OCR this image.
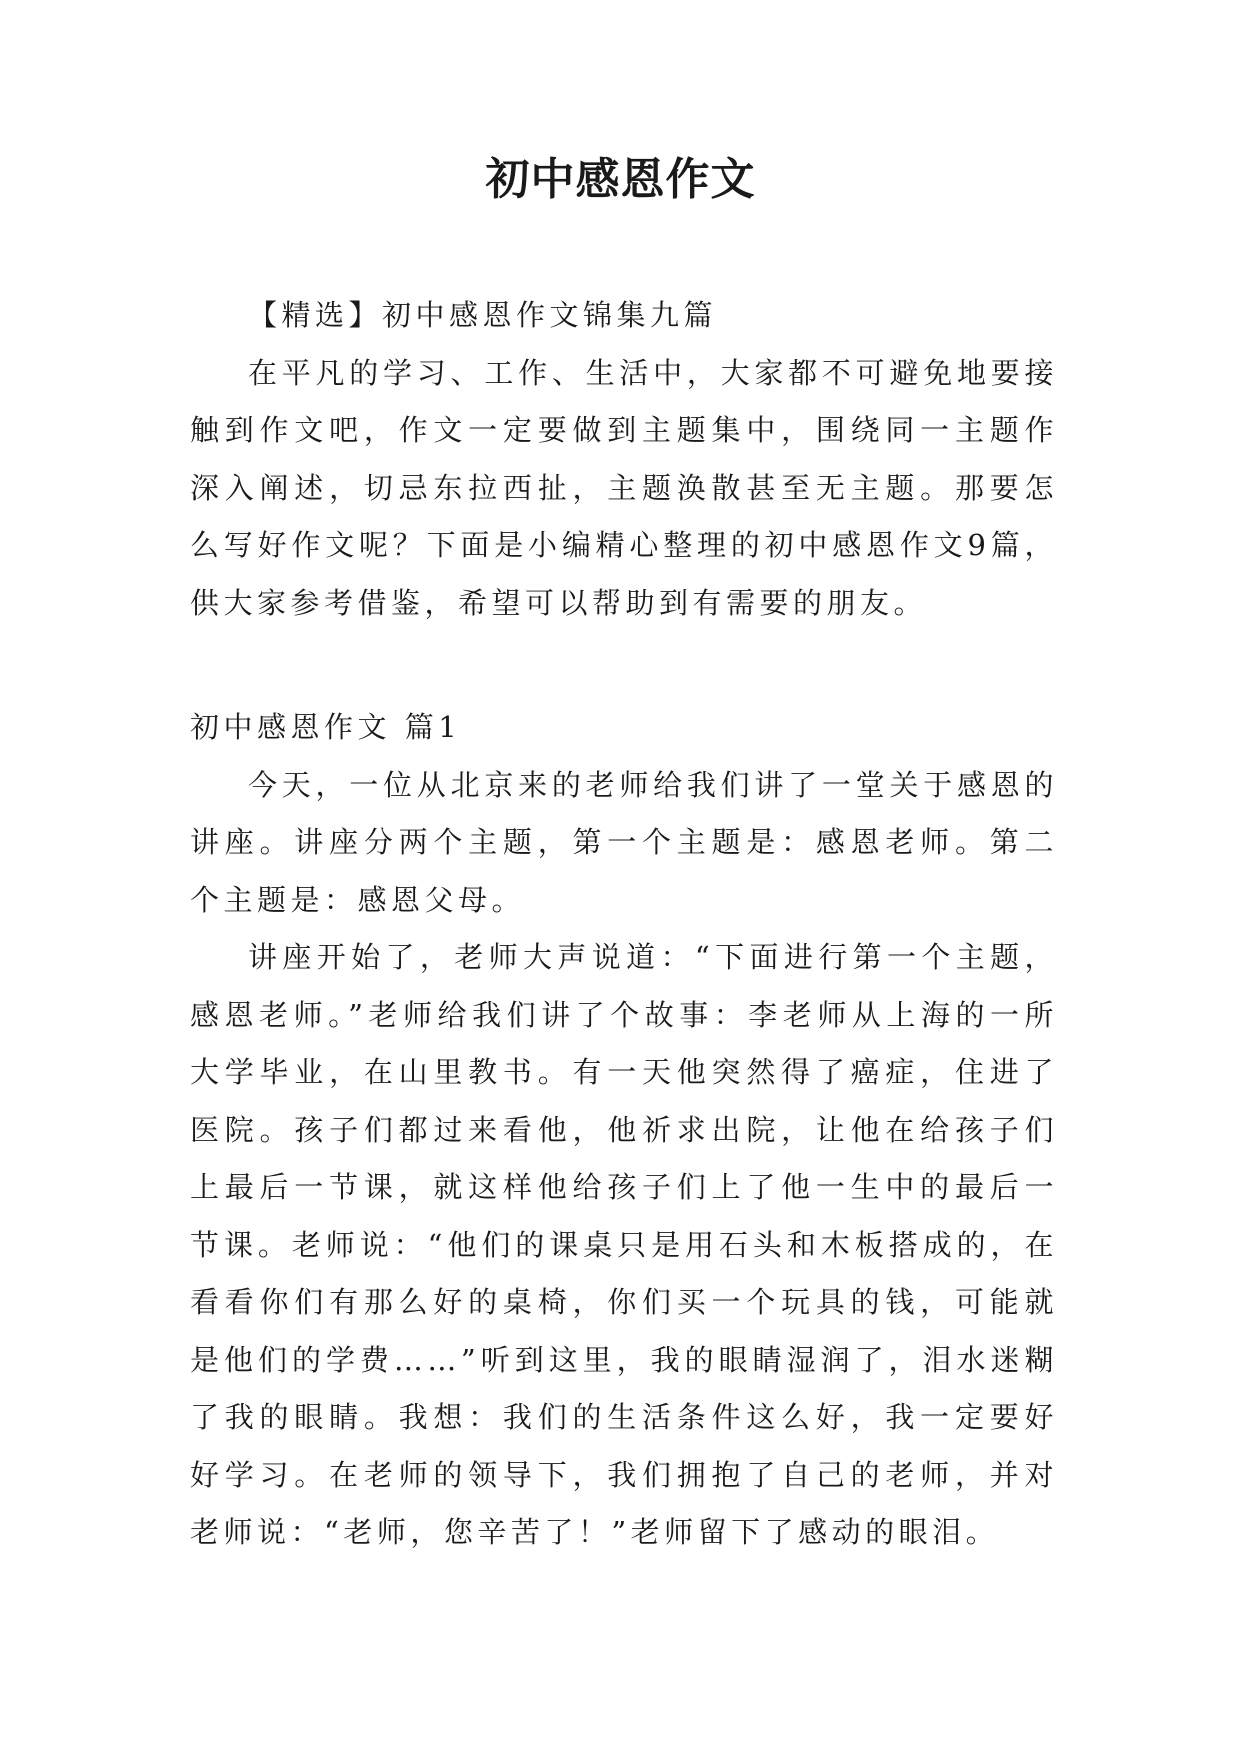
初中感恩作文

【精选】初中感恩作文锦集九篇

在平凡的学习、工作、生活中，大家都不可避免地要接触到作文吧，作文一定要做到主题集中，围绕同一主题作深入阐述，切忌东拉西扯，主题涣散甚至无主题。那要怎么写好作文呢？下面是小编精心整理的初中感恩作文9篇，供大家参考借鉴，希望可以帮助到有需要的朋友。

初中感恩作文 篇1

今天，一位从北京来的老师给我们讲了一堂关于感恩的讲座。讲座分两个主题，第一个主题是：感恩老师。第二个主题是：感恩父母。

讲座开始了，老师大声说道：“下面进行第一个主题，感恩老师。”老师给我们讲了个故事：李老师从上海的一所大学毕业，在山里教书。有一天他突然得了癌症，住进了医院。孩子们都过来看他，他祈求出院，让他在给孩子们上最后一节课，就这样他给孩子们上了他一生中的最后一节课。老师说：“他们的课桌只是用石头和木板搭成的，在看看你们有那么好的桌椅，你们买一个玩具的钱，可能就是他们的学费……”听到这里，我的眼睛湿润了，泪水迷糊了我的眼睛。我想：我们的生活条件这么好，我一定要好好学习。在老师的领导下，我们拥抱了自己的老师，并对老师说：“老师，您辛苦了！”老师留下了感动的眼泪。
